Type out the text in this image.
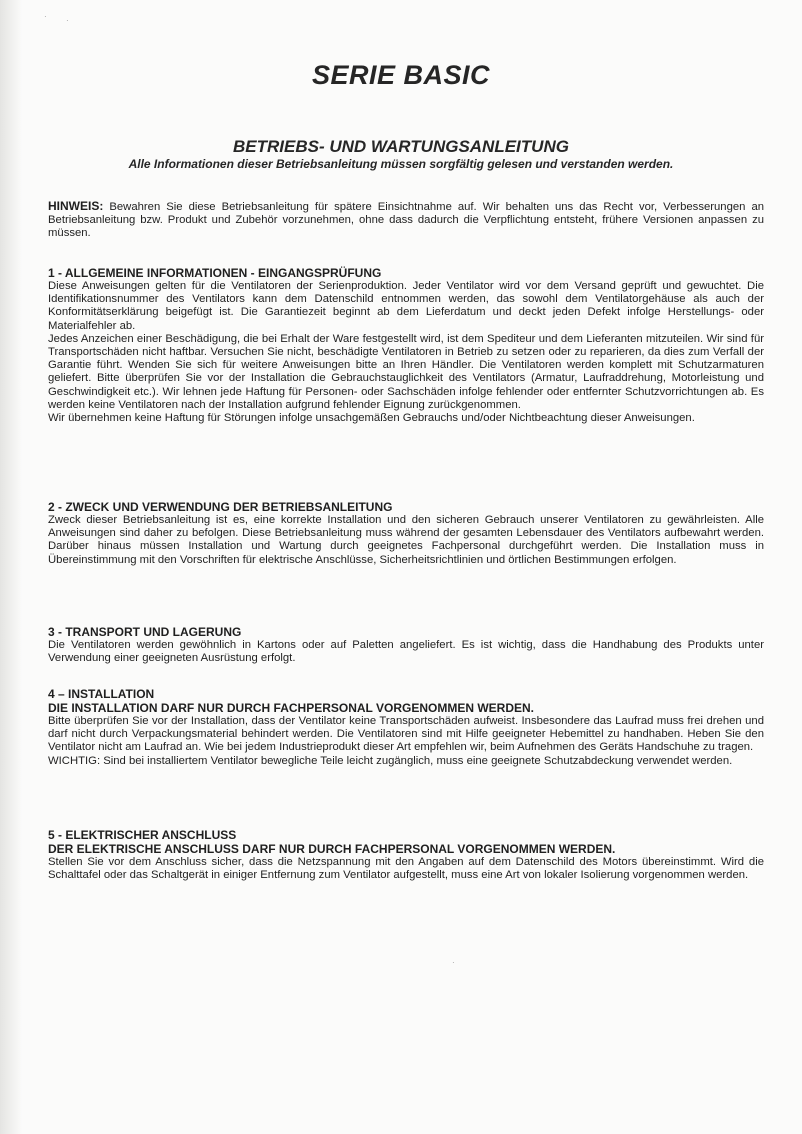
· ·
·
SERIE BASIC
BETRIEBS- UND WARTUNGSANLEITUNG
Alle Informationen dieser Betriebsanleitung müssen sorgfältig gelesen und verstanden werden.

HINWEIS: Bewahren Sie diese Betriebsanleitung für spätere Einsichtnahme auf. Wir behalten uns das Recht vor, Verbesserungen an Betriebsanleitung bzw. Produkt und Zubehör vorzunehmen, ohne dass dadurch die Verpflichtung entsteht, frühere Versionen anpassen zu müssen.

1 - ALLGEMEINE INFORMATIONEN - EINGANGSPRÜFUNG

Diese Anweisungen gelten für die Ventilatoren der Serienproduktion. Jeder Ventilator wird vor dem Versand geprüft und gewuchtet. Die Identifikationsnummer des Ventilators kann dem Datenschild entnommen werden, das sowohl dem Ventilatorgehäuse als auch der Konformitätserklärung beigefügt ist. Die Garantiezeit beginnt ab dem Lieferdatum und deckt jeden Defekt infolge Herstellungs- oder Materialfehler ab.

Jedes Anzeichen einer Beschädigung, die bei Erhalt der Ware festgestellt wird, ist dem Spediteur und dem Lieferanten mitzuteilen. Wir sind für Transportschäden nicht haftbar. Versuchen Sie nicht, beschädigte Ventilatoren in Betrieb zu setzen oder zu reparieren, da dies zum Verfall der Garantie führt. Wenden Sie sich für weitere Anweisungen bitte an Ihren Händler. Die Ventilatoren werden komplett mit Schutzarmaturen geliefert. Bitte überprüfen Sie vor der Installation die Gebrauchstauglichkeit des Ventilators (Armatur, Laufraddrehung, Motorleistung und Geschwindigkeit etc.). Wir lehnen jede Haftung für Personen- oder Sachschäden infolge fehlender oder entfernter Schutzvorrichtungen ab. Es werden keine Ventilatoren nach der Installation aufgrund fehlender Eignung zurückgenommen.

Wir übernehmen keine Haftung für Störungen infolge unsachgemäßen Gebrauchs und/oder Nichtbeachtung dieser Anweisungen.

2 - ZWECK UND VERWENDUNG DER BETRIEBSANLEITUNG

Zweck dieser Betriebsanleitung ist es, eine korrekte Installation und den sicheren Gebrauch unserer Ventilatoren zu gewährleisten. Alle Anweisungen sind daher zu befolgen. Diese Betriebsanleitung muss während der gesamten Lebensdauer des Ventilators aufbewahrt werden. Darüber hinaus müssen Installation und Wartung durch geeignetes Fachpersonal durchgeführt werden. Die Installation muss in Übereinstimmung mit den Vorschriften für elektrische Anschlüsse, Sicherheitsrichtlinien und örtlichen Bestimmungen erfolgen.

3 - TRANSPORT UND LAGERUNG

Die Ventilatoren werden gewöhnlich in Kartons oder auf Paletten angeliefert. Es ist wichtig, dass die Handhabung des Produkts unter Verwendung einer geeigneten Ausrüstung erfolgt.

4 – INSTALLATION

DIE INSTALLATION DARF NUR DURCH FACHPERSONAL VORGENOMMEN WERDEN.

Bitte überprüfen Sie vor der Installation, dass der Ventilator keine Transportschäden aufweist. Insbesondere das Laufrad muss frei drehen und darf nicht durch Verpackungsmaterial behindert werden. Die Ventilatoren sind mit Hilfe geeigneter Hebemittel zu handhaben. Heben Sie den Ventilator nicht am Laufrad an. Wie bei jedem Industrieprodukt dieser Art empfehlen wir, beim Aufnehmen des Geräts Handschuhe zu tragen.

WICHTIG: Sind bei installiertem Ventilator bewegliche Teile leicht zugänglich, muss eine geeignete Schutzabdeckung verwendet werden.

5 - ELEKTRISCHER ANSCHLUSS

DER ELEKTRISCHE ANSCHLUSS DARF NUR DURCH FACHPERSONAL VORGENOMMEN WERDEN.

Stellen Sie vor dem Anschluss sicher, dass die Netzspannung mit den Angaben auf dem Datenschild des Motors übereinstimmt. Wird die Schalttafel oder das Schaltgerät in einiger Entfernung zum Ventilator aufgestellt, muss eine Art von lokaler Isolierung vorgenommen werden.
